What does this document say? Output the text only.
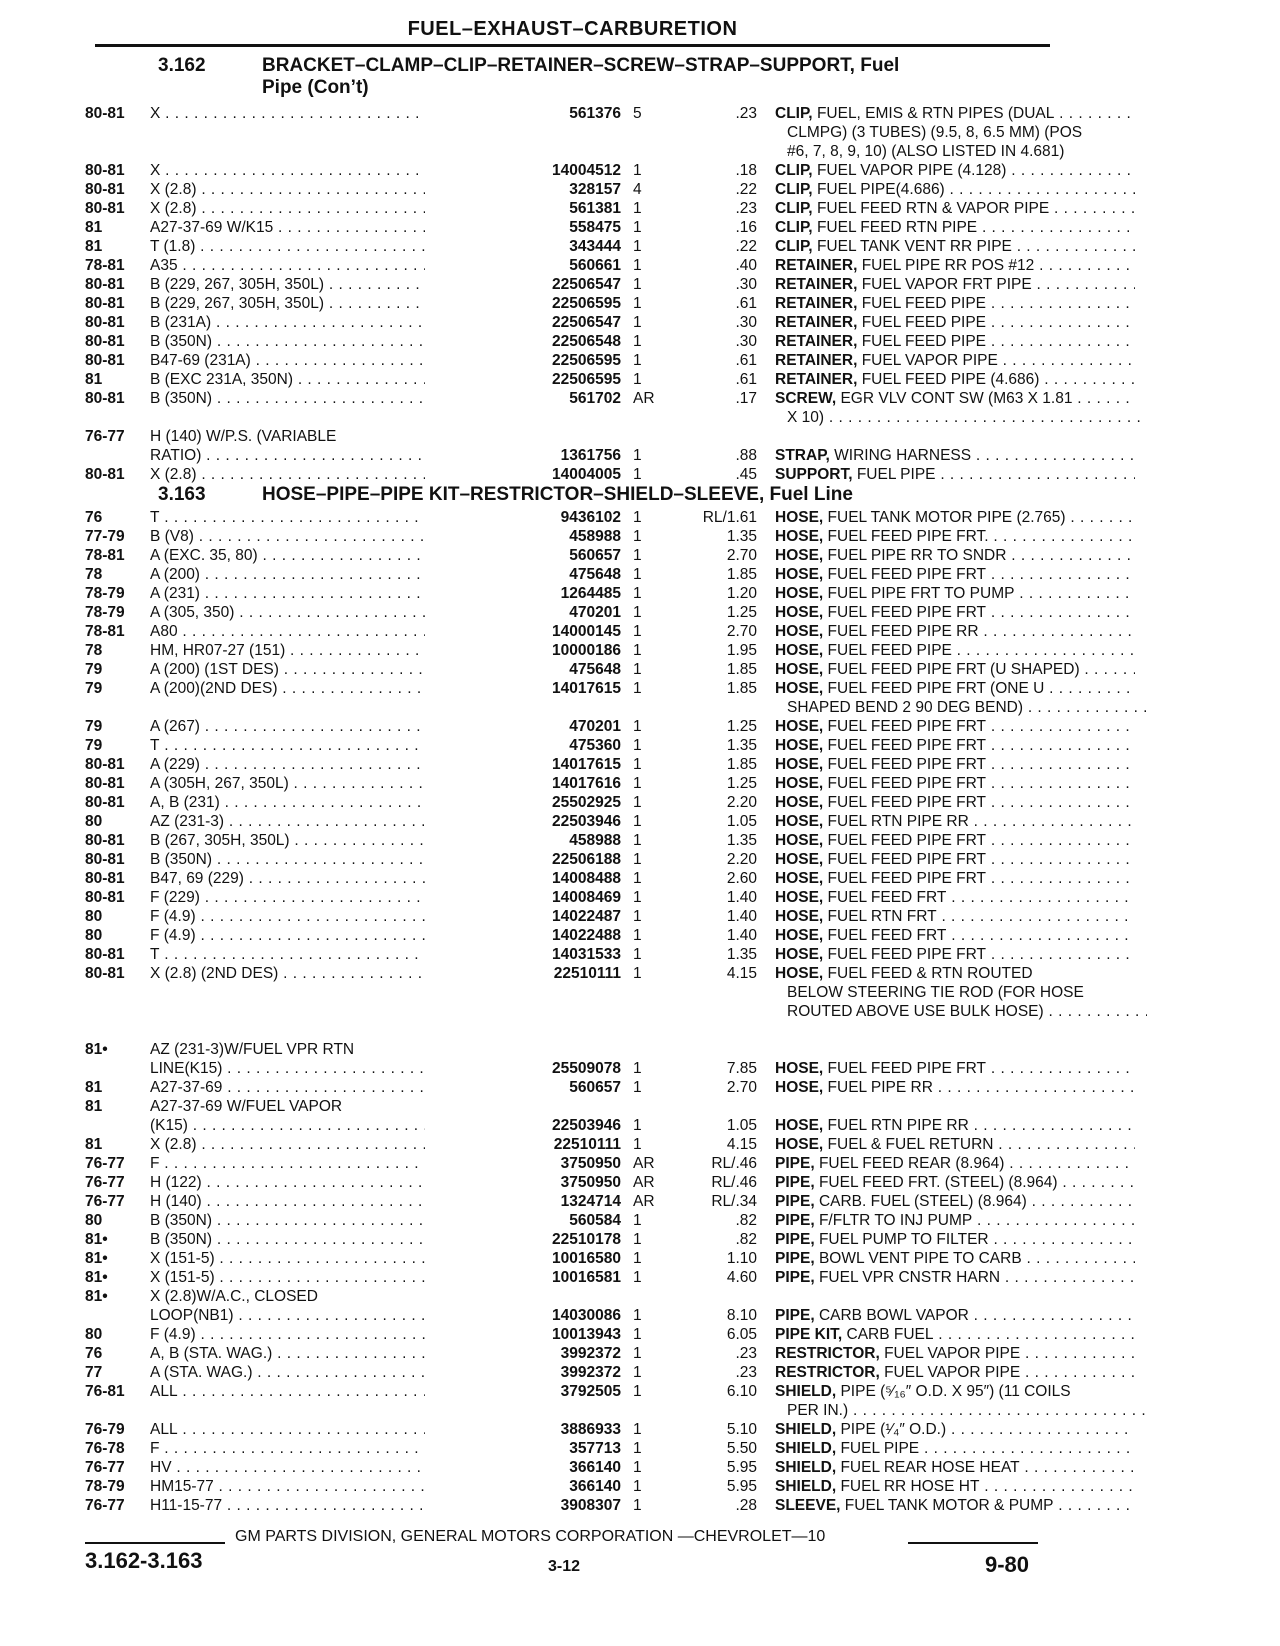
FUEL–EXHAUST–CARBURETION
3.162	BRACKET–CLAMP–CLIP–RETAINER–SCREW–STRAP–SUPPORT, Fuel
Pipe (Con’t)
80-81 X . . .	561376 5	.23 CLIP, FUEL, EMIS & RTN PIPES (DUAL . . .
CLMPG) (3 TUBES) (9.5, 8, 6.5 MM) (POS
#6, 7, 8, 9, 10) (ALSO LISTED IN 4.681)
80-81 X . . .	14004512 1	.18 CLIP, FUEL VAPOR PIPE (4.128) . . .
80-81 X (2.8) . . .	328157 4	.22 CLIP, FUEL PIPE(4.686) . . .
80-81 X (2.8) . . .	561381 1	.23 CLIP, FUEL FEED RTN & VAPOR PIPE . . .
81	A27-37-69 W/K15 . . .	558475 1	.16 CLIP, FUEL FEED RTN PIPE . . .
81	T (1.8) . . .	343444 1	.22 CLIP, FUEL TANK VENT RR PIPE . . .
78-81 A35 . . .	560661 1	.40 RETAINER, FUEL PIPE RR POS #12 . . .
80-81 B (229, 267, 305H, 350L) . . .	22506547 1	.30 RETAINER, FUEL VAPOR FRT PIPE . . .
80-81 B (229, 267, 305H, 350L) . . .	22506595 1	.61 RETAINER, FUEL FEED PIPE . . .
80-81 B (231A) . . .	22506547 1	.30 RETAINER, FUEL FEED PIPE . . .
80-81 B (350N) . . .	22506548 1	.30 RETAINER, FUEL FEED PIPE . . .
80-81 B47-69 (231A) . . .	22506595 1	.61 RETAINER, FUEL VAPOR PIPE . . .
81	B (EXC 231A, 350N) . . .	22506595 1	.61 RETAINER, FUEL FEED PIPE (4.686) . . .
80-81 B (350N) . . .	561702 AR	.17 SCREW, EGR VLV CONT SW (M63 X 1.81 . . .
X 10) . . .
76-77 H (140) W/P.S. (VARIABLE
RATIO) . . .	1361756 1	.88 STRAP, WIRING HARNESS . . .
80-81 X (2.8) . . .	14004005 1	.45 SUPPORT, FUEL PIPE . . .
3.163	HOSE–PIPE–PIPE KIT–RESTRICTOR–SHIELD–SLEEVE, Fuel Line
76	T . . .	9436102 1	RL/1.61 HOSE, FUEL TANK MOTOR PIPE (2.765) . . .
77-79 B (V8) . . .	458988 1	1.35 HOSE, FUEL FEED PIPE FRT. . . .
78-81 A (EXC. 35, 80) . . .	560657 1	2.70 HOSE, FUEL PIPE RR TO SNDR . . .
78	A (200) . . .	475648 1	1.85 HOSE, FUEL FEED PIPE FRT . . .
78-79 A (231) . . .	1264485 1	1.20 HOSE, FUEL PIPE FRT TO PUMP . . .
78-79 A (305, 350) . . .	470201 1	1.25 HOSE, FUEL FEED PIPE FRT . . .
78-81 A80 . . .	14000145 1	2.70 HOSE, FUEL FEED PIPE RR . . .
78	HM, HR07-27 (151) . . .	10000186 1	1.95 HOSE, FUEL FEED PIPE . . .
79	A (200) (1ST DES) . . .	475648 1	1.85 HOSE, FUEL FEED PIPE FRT (U SHAPED) . . .
79	A (200)(2ND DES) . . .	14017615 1	1.85 HOSE, FUEL FEED PIPE FRT (ONE U . . .
SHAPED BEND 2 90 DEG BEND) . . .
79	A (267) . . .	470201 1	1.25 HOSE, FUEL FEED PIPE FRT . . .
79	T . . .	475360 1	1.35 HOSE, FUEL FEED PIPE FRT . . .
80-81 A (229) . . .	14017615 1	1.85 HOSE, FUEL FEED PIPE FRT . . .
80-81 A (305H, 267, 350L) . . .	14017616 1	1.25 HOSE, FUEL FEED PIPE FRT . . .
80-81 A, B (231) . . .	25502925 1	2.20 HOSE, FUEL FEED PIPE FRT . . .
80	AZ (231-3) . . .	22503946 1	1.05 HOSE, FUEL RTN PIPE RR . . .
80-81 B (267, 305H, 350L) . . .	458988 1	1.35 HOSE, FUEL FEED PIPE FRT . . .
80-81 B (350N) . . .	22506188 1	2.20 HOSE, FUEL FEED PIPE FRT . . .
80-81 B47, 69 (229) . . .	14008488 1	2.60 HOSE, FUEL FEED PIPE FRT . . .
80-81 F (229) . . .	14008469 1	1.40 HOSE, FUEL FEED FRT . . .
80	F (4.9) . . .	14022487 1	1.40 HOSE, FUEL RTN FRT . . .
80	F (4.9) . . .	14022488 1	1.40 HOSE, FUEL FEED FRT . . .
80-81 T . . .	14031533 1	1.35 HOSE, FUEL FEED PIPE FRT . . .
80-81 X (2.8) (2ND DES) . . .	22510111 1	4.15 HOSE, FUEL FEED & RTN ROUTED
BELOW STEERING TIE ROD (FOR HOSE
ROUTED ABOVE USE BULK HOSE) . . .
81•	AZ (231-3)W/FUEL VPR RTN
LINE(K15) . . .	25509078 1	7.85 HOSE, FUEL FEED PIPE FRT . . .
81	A27-37-69 . . .	560657 1	2.70 HOSE, FUEL PIPE RR . . .
81	A27-37-69 W/FUEL VAPOR
(K15) . . .	22503946 1	1.05 HOSE, FUEL RTN PIPE RR . . .
81	X (2.8) . . .	22510111 1	4.15 HOSE, FUEL & FUEL RETURN . . .
76-77 F . . .	3750950 AR	RL/.46 PIPE, FUEL FEED REAR (8.964) . . .
76-77 H (122) . . .	3750950 AR	RL/.46 PIPE, FUEL FEED FRT. (STEEL) (8.964) . . .
76-77 H (140) . . .	1324714 AR	RL/.34 PIPE, CARB. FUEL (STEEL) (8.964) . . .
80	B (350N) . . .	560584 1	.82 PIPE, F/FLTR TO INJ PUMP . . .
81•	B (350N) . . .	22510178 1	.82 PIPE, FUEL PUMP TO FILTER . . .
81•	X (151-5) . . .	10016580 1	1.10 PIPE, BOWL VENT PIPE TO CARB . . .
81•	X (151-5) . . .	10016581 1	4.60 PIPE, FUEL VPR CNSTR HARN . . .
81•	X (2.8)W/A.C., CLOSED
LOOP(NB1) . . .	14030086 1	8.10 PIPE, CARB BOWL VAPOR . . .
80	F (4.9) . . .	10013943 1	6.05 PIPE KIT, CARB FUEL . . .
76	A, B (STA. WAG.) . . .	3992372 1	.23 RESTRICTOR, FUEL VAPOR PIPE . . .
77	A (STA. WAG.) . . .	3992372 1	.23 RESTRICTOR, FUEL VAPOR PIPE . . .
76-81 ALL . . .	3792505 1	6.10 SHIELD, PIPE (⁵⁄₁₆″ O.D. X 95″) (11 COILS
PER IN.) . . .
76-79 ALL . . .	3886933 1	5.10 SHIELD, PIPE (¹⁄₄″ O.D.) . . .
76-78 F . . .	357713 1	5.50 SHIELD, FUEL PIPE . . .
76-77 HV . . .	366140 1	5.95 SHIELD, FUEL REAR HOSE HEAT . . .
78-79 HM15-77 . . .	366140 1	5.95 SHIELD, FUEL RR HOSE HT . . .
76-77 H11-15-77 . . .	3908307 1	.28 SLEEVE, FUEL TANK MOTOR & PUMP . . .
GM PARTS DIVISION, GENERAL MOTORS CORPORATION —CHEVROLET—10
3.162-3.163	3-12	9-80
